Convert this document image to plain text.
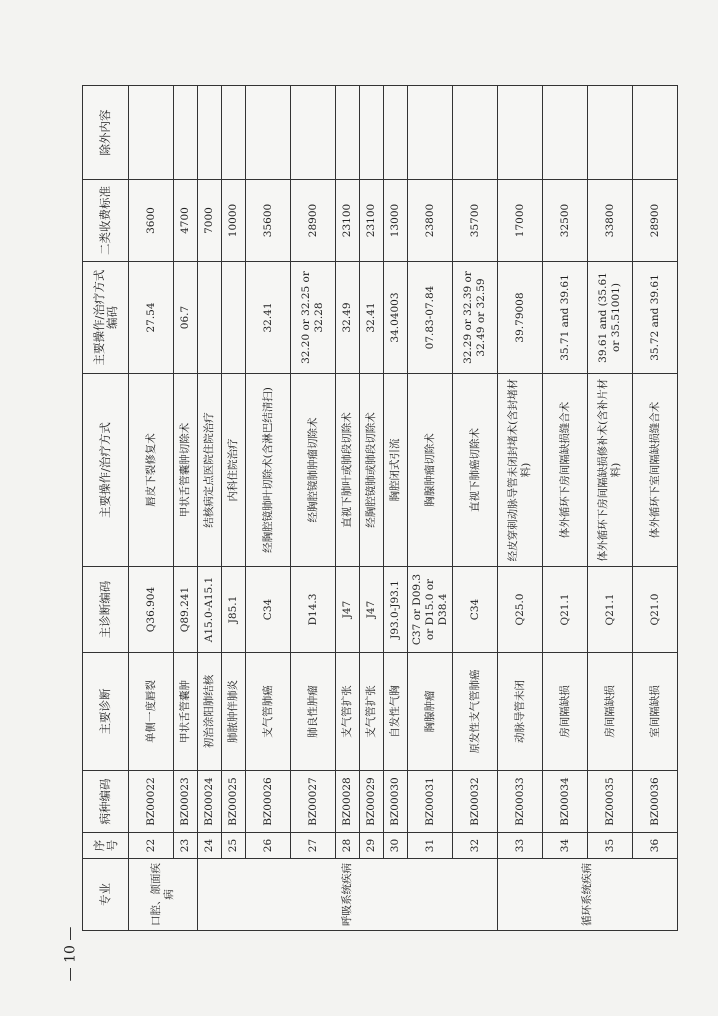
— 10 —
专业	序号	病种编码	主要诊断	主诊断编码	主要操作/治疗方式	主要操作/治疗方式编码	二类收费标准	除外内容
口腔、颌面疾病	22	BZ00022	单侧一度唇裂	Q36.904	唇皮下裂修复术	27.54	3600	
	23	BZ00023	甲状舌管囊肿	Q89.241	甲状舌管囊肿切除术	06.7	4700	
呼吸系统疾病	24	BZ00024	初治涂阳肺结核	A15.0-A15.1	结核病定点医院住院治疗		7000	
	25	BZ00025	肺脓肿伴肺炎	J85.1	内科住院治疗		10000	
	26	BZ00026	支气管肺癌	C34	经胸腔镜肺叶切除术(含淋巴结清扫)	32.41	35600	
	27	BZ00027	肺良性肿瘤	D14.3	经胸腔镜肺肿瘤切除术	32.20 or 32.25 or 32.28	28900	
	28	BZ00028	支气管扩张	J47	直视下肺叶或肺段切除术	32.49	23100	
	29	BZ00029	支气管扩张	J47	经胸腔镜肺或肺段切除术	32.41	23100	
	30	BZ00030	自发性气胸	J93.0-J93.1	胸腔闭式引流	34.04003	13000	
	31	BZ00031	胸腺肿瘤	C37 or D09.3 or D15.0 or D38.4	胸腺肿瘤切除术	07.83-07.84	23800	
	32	BZ00032	原发性支气管肺癌	C34	直视下肺癌切除术	32.29 or 32.39 or 32.49 or 32.59	35700	
循环系统疾病	33	BZ00033	动脉导管未闭	Q25.0	经皮穿刺动脉导管未闭封堵术(含封堵材料)	39.79008	17000	
	34	BZ00034	房间隔缺损	Q21.1	体外循环下房间隔缺损缝合术	35.71 and 39.61	32500	
	35	BZ00035	房间隔缺损	Q21.1	体外循环下房间隔缺损修补术(含补片材料)	39.61 and (35.61 or 35.51001)	33800	
	36	BZ00036	室间隔缺损	Q21.0	体外循环下室间隔缺损缝合术	35.72 and 39.61	28900	
